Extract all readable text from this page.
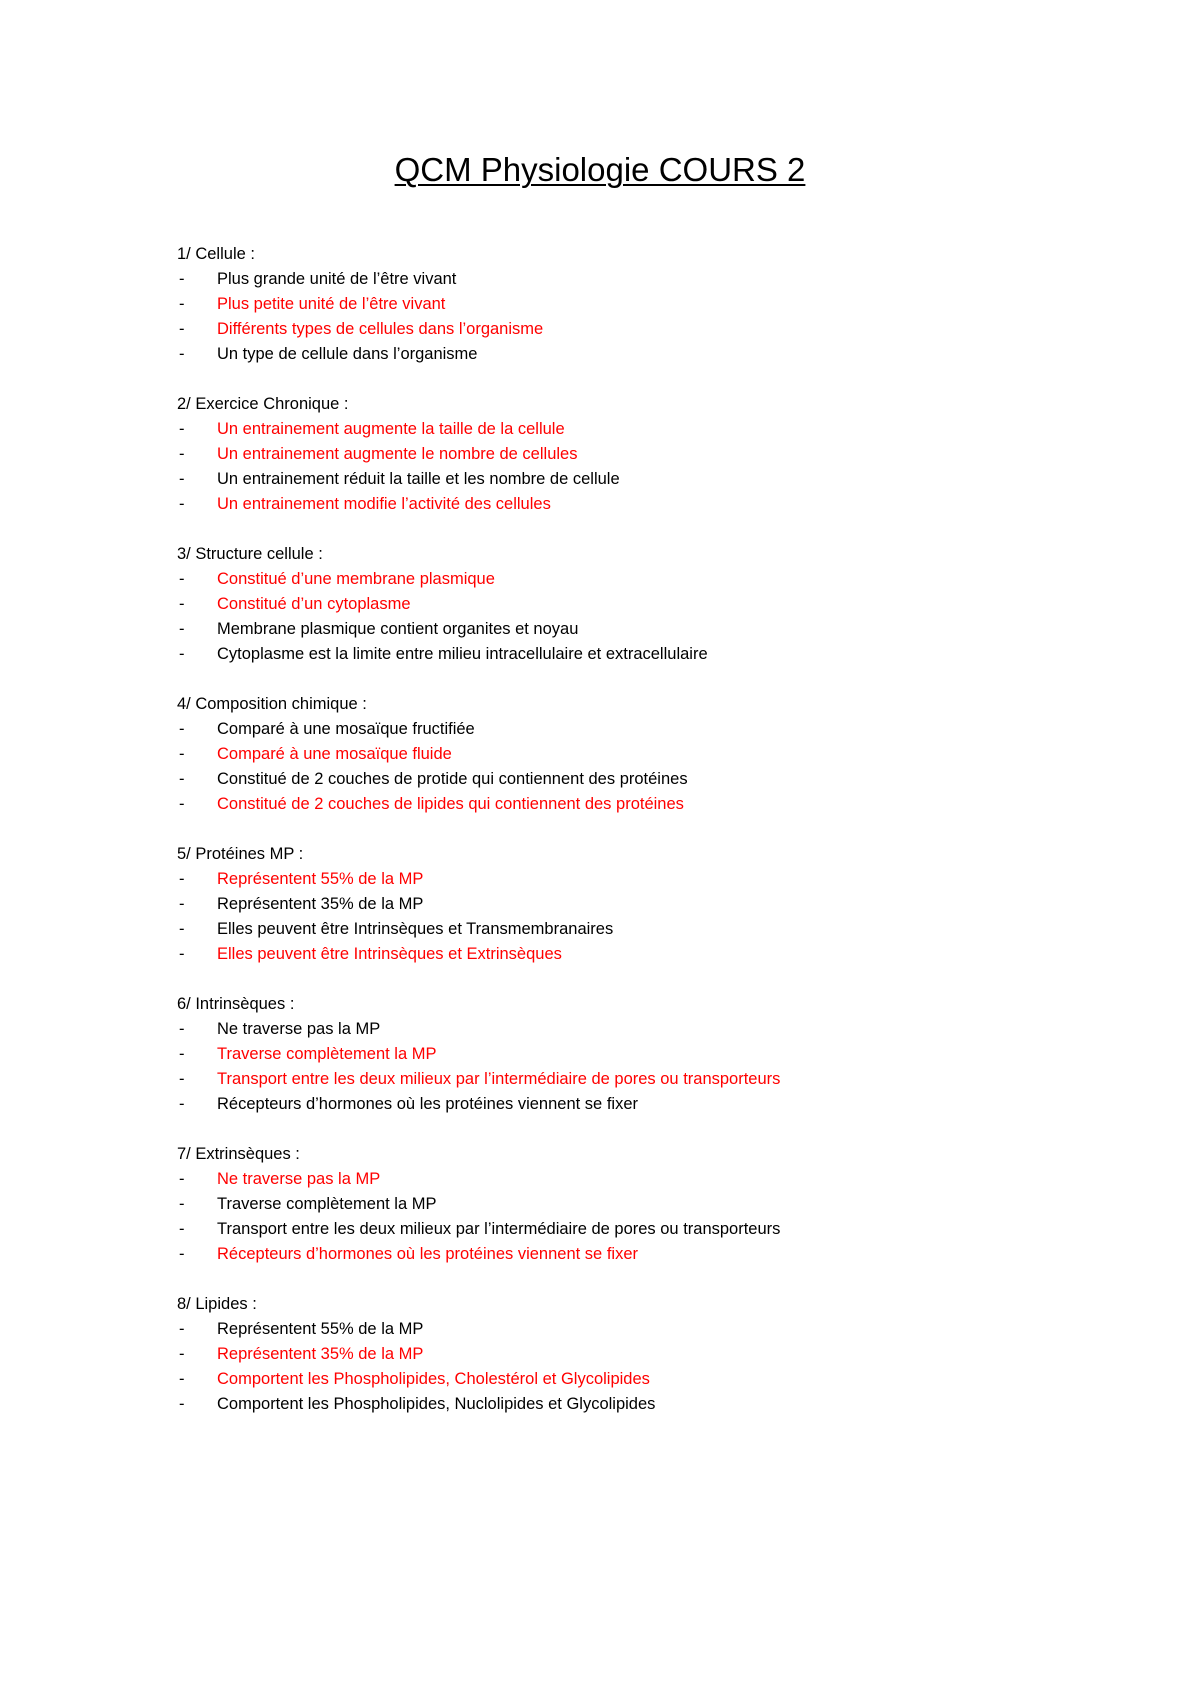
QCM Physiologie COURS 2
1/ Cellule :
- Plus grande unité de l’être vivant
- Plus petite unité de l’être vivant
- Différents types de cellules dans l’organisme
- Un type de cellule dans l’organisme
2/ Exercice Chronique :
- Un entrainement augmente la taille de la cellule
- Un entrainement augmente le nombre de cellules
- Un entrainement réduit la taille et les nombre de cellule
- Un entrainement modifie l’activité des cellules
3/ Structure cellule :
- Constitué d’une membrane plasmique
- Constitué d’un cytoplasme
- Membrane plasmique contient organites et noyau
- Cytoplasme est la limite entre milieu intracellulaire et extracellulaire
4/ Composition chimique :
- Comparé à une mosaïque fructifiée
- Comparé à une mosaïque fluide
- Constitué de 2 couches de protide qui contiennent des protéines
- Constitué de 2 couches de lipides qui contiennent des protéines
5/ Protéines MP :
- Représentent 55% de la MP
- Représentent 35% de la MP
- Elles peuvent être Intrinsèques et Transmembranaires
- Elles peuvent être Intrinsèques et Extrinsèques
6/ Intrinsèques :
- Ne traverse pas la MP
- Traverse complètement la MP
- Transport entre les deux milieux par l’intermédiaire de pores ou transporteurs
- Récepteurs d’hormones où les protéines viennent se fixer
7/ Extrinsèques :
- Ne traverse pas la MP
- Traverse complètement la MP
- Transport entre les deux milieux par l’intermédiaire de pores ou transporteurs
- Récepteurs d’hormones où les protéines viennent se fixer
8/ Lipides :
- Représentent 55% de la MP
- Représentent 35% de la MP
- Comportent les Phospholipides, Cholestérol et Glycolipides
- Comportent les Phospholipides, Nuclolipides et Glycolipides
